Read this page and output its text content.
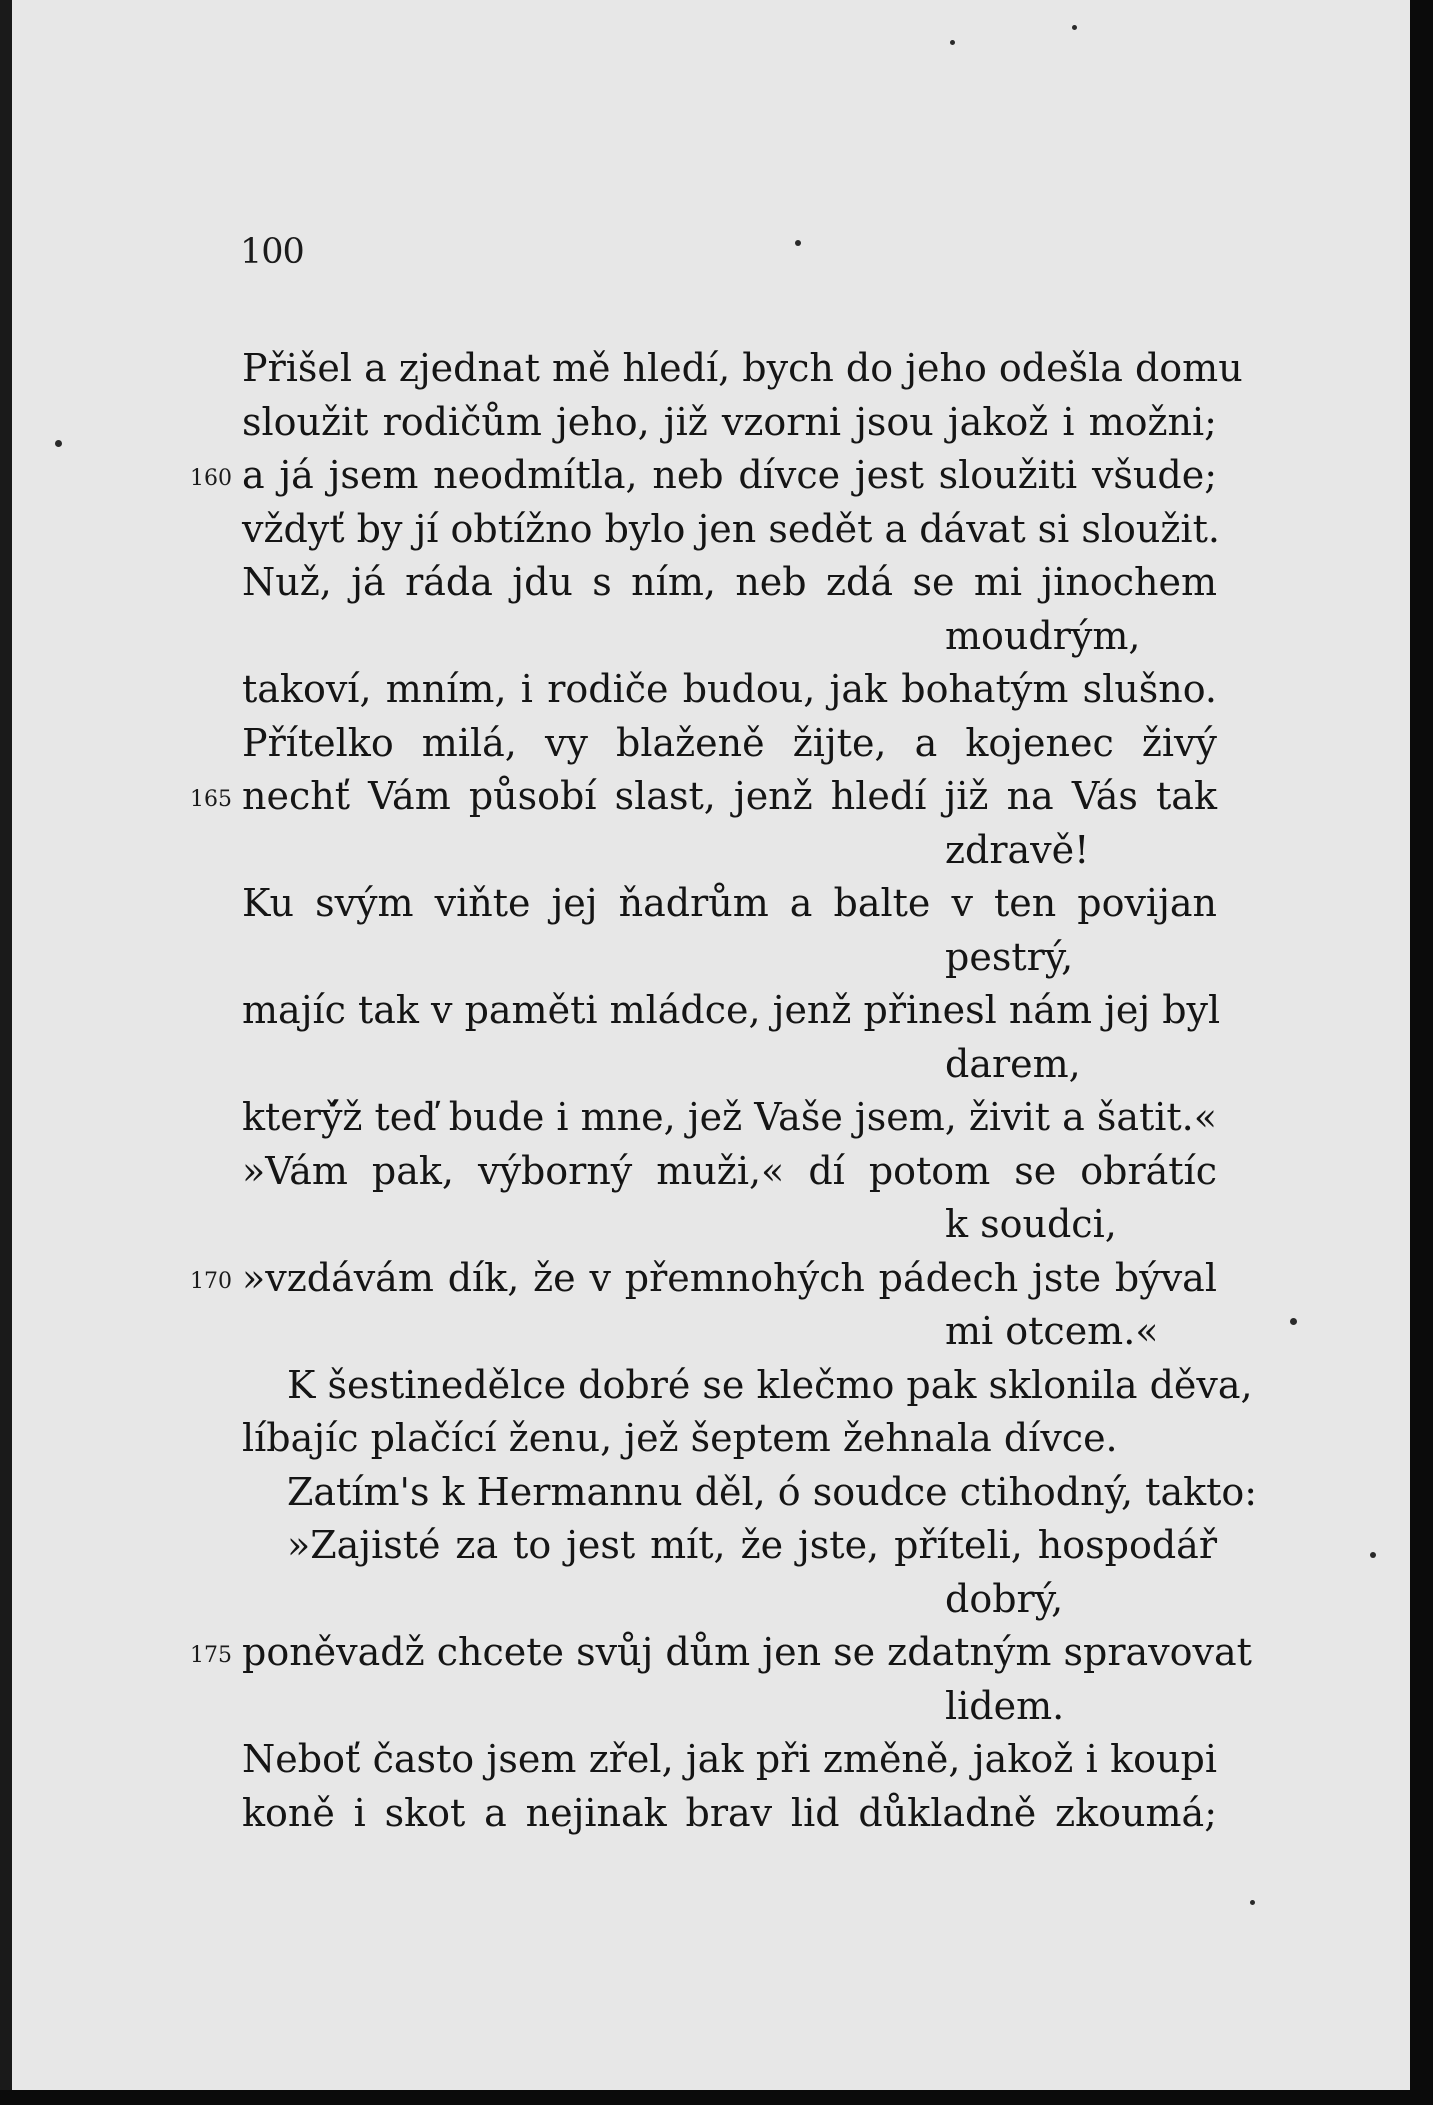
100
Přišel a zjednat mě hledí, bych do jeho odešla domu
sloužit rodičům jeho, již vzorni jsou jakož i možni;
a já jsem neodmítla, neb dívce jest sloužiti všude;
160
vždyť by jí obtížno bylo jen sedět a dávat si sloužit.
Nuž, já ráda jdu s ním, neb zdá se mi jinochem
moudrým,
takoví, mním, i rodiče budou, jak bohatým slušno.
Přítelko milá, vy blaženě žijte, a kojenec živý
nechť Vám působí slast, jenž hledí již na Vás tak
165
zdravě!
Ku svým viňte jej ňadrům a balte v ten povijan
pestrý,
majíc tak v paměti mládce, jenž přinesl nám jej byl
darem,
který̌ž teď bude i mne, jež Vaše jsem, živit a šatit.«
»Vám pak, výborný muži,« dí potom se obrátíc
k soudci,
»vzdávám dík, že v přemnohých pádech jste býval
170
mi otcem.«
K šestinedělce dobré se klečmo pak sklonila děva,
líbajíc plačící ženu, jež šeptem žehnala dívce.
Zatím's k Hermannu děl, ó soudce ctihodný, takto:
»Zajisté za to jest mít, že jste, příteli, hospodář
dobrý,
poněvadž chcete svůj dům jen se zdatným spravovat
175
lidem.
Neboť často jsem zřel, jak při změně, jakož i koupi
koně i skot a nejinak brav lid důkladně zkoumá;
